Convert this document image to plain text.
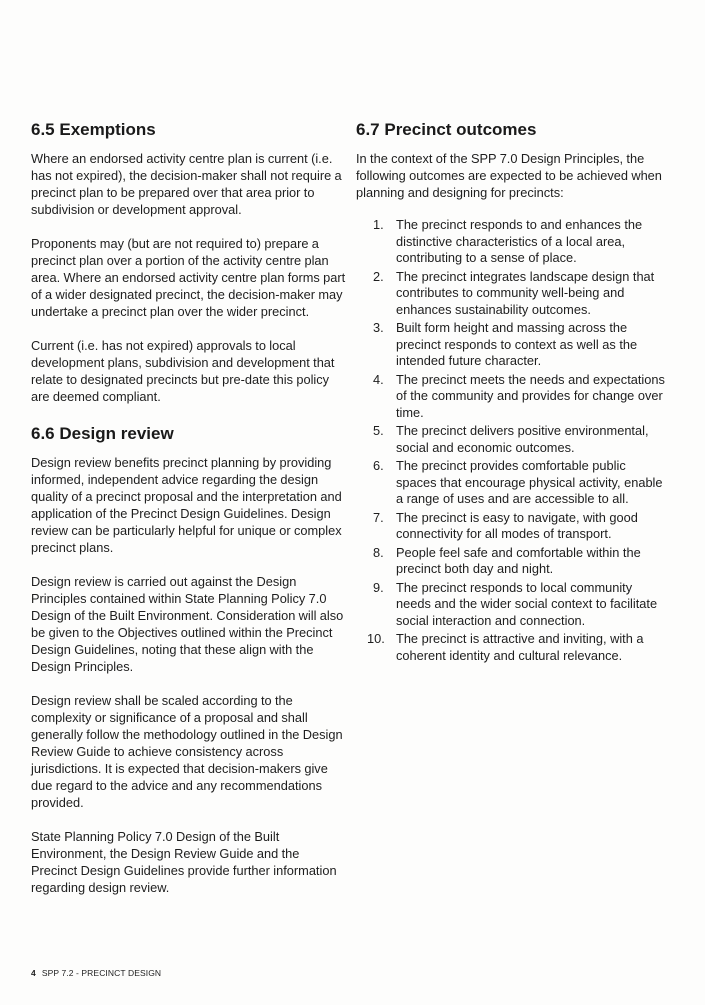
6.5 Exemptions

Where an endorsed activity centre plan is current (i.e. has not expired), the decision-maker shall not require a precinct plan to be prepared over that area prior to subdivision or development approval.

Proponents may (but are not required to) prepare a precinct plan over a portion of the activity centre plan area. Where an endorsed activity centre plan forms part of a wider designated precinct, the decision-maker may undertake a precinct plan over the wider precinct.

Current (i.e. has not expired) approvals to local development plans, subdivision and development that relate to designated precincts but pre-date this policy are deemed compliant.

6.6 Design review

Design review benefits precinct planning by providing informed, independent advice regarding the design quality of a precinct proposal and the interpretation and application of the Precinct Design Guidelines. Design review can be particularly helpful for unique or complex precinct plans.

Design review is carried out against the Design Principles contained within State Planning Policy 7.0 Design of the Built Environment. Consideration will also be given to the Objectives outlined within the Precinct Design Guidelines, noting that these align with the Design Principles.

Design review shall be scaled according to the complexity or significance of a proposal and shall generally follow the methodology outlined in the Design Review Guide to achieve consistency across jurisdictions. It is expected that decision-makers give due regard to the advice and any recommendations provided.

State Planning Policy 7.0 Design of the Built Environment, the Design Review Guide and the Precinct Design Guidelines provide further information regarding design review.

6.7 Precinct outcomes

In the context of the SPP 7.0 Design Principles, the following outcomes are expected to be achieved when planning and designing for precincts:

1. The precinct responds to and enhances the distinctive characteristics of a local area, contributing to a sense of place.
2. The precinct integrates landscape design that contributes to community well-being and enhances sustainability outcomes.
3. Built form height and massing across the precinct responds to context as well as the intended future character.
4. The precinct meets the needs and expectations of the community and provides for change over time.
5. The precinct delivers positive environmental, social and economic outcomes.
6. The precinct provides comfortable public spaces that encourage physical activity, enable a range of uses and are accessible to all.
7. The precinct is easy to navigate, with good connectivity for all modes of transport.
8. People feel safe and comfortable within the precinct both day and night.
9. The precinct responds to local community needs and the wider social context to facilitate social interaction and connection.
10. The precinct is attractive and inviting, with a coherent identity and cultural relevance.
4 SPP 7.2 - PRECINCT DESIGN
